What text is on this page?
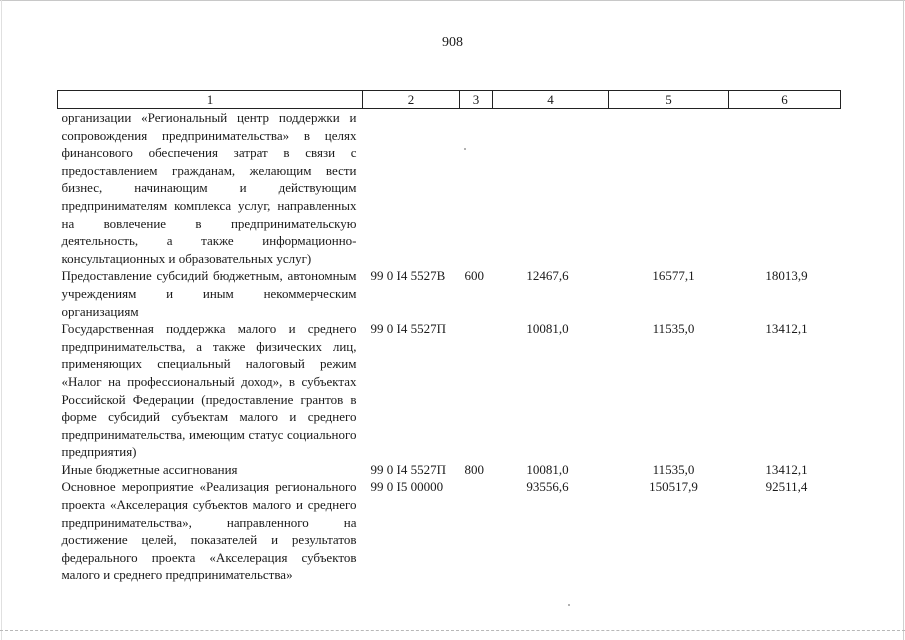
908
1	2	3	4	5	6
организации «Региональный центр поддержки и сопровождения предпринимательства» в целях финансового обеспечения затрат в связи с предоставлением гражданам, желающим вести бизнес, начинающим и действующим предпринимателям комплекса услуг, направленных на вовлечение в предпринимательскую деятельность, а также информационно-консультационных и образовательных услуг)					
Предоставление субсидий бюджетным, автономным учреждениям и иным некоммерческим организациям	99 0 I4 5527В	600	12467,6	16577,1	18013,9
Государственная поддержка малого и среднего предпринимательства, а также физических лиц, применяющих специальный налоговый режим «Налог на профессиональный доход», в субъектах Российской Федерации (предоставление грантов в форме субсидий субъектам малого и среднего предпринимательства, имеющим статус социального предприятия)	99 0 I4 5527П		10081,0	11535,0	13412,1
Иные бюджетные ассигнования	99 0 I4 5527П	800	10081,0	11535,0	13412,1
Основное мероприятие «Реализация регионального проекта «Акселерация субъектов малого и среднего предпринимательства», направленного на достижение целей, показателей и результатов федерального проекта «Акселерация субъектов малого и среднего предпринимательства»	99 0 I5 00000		93556,6	150517,9	92511,4
